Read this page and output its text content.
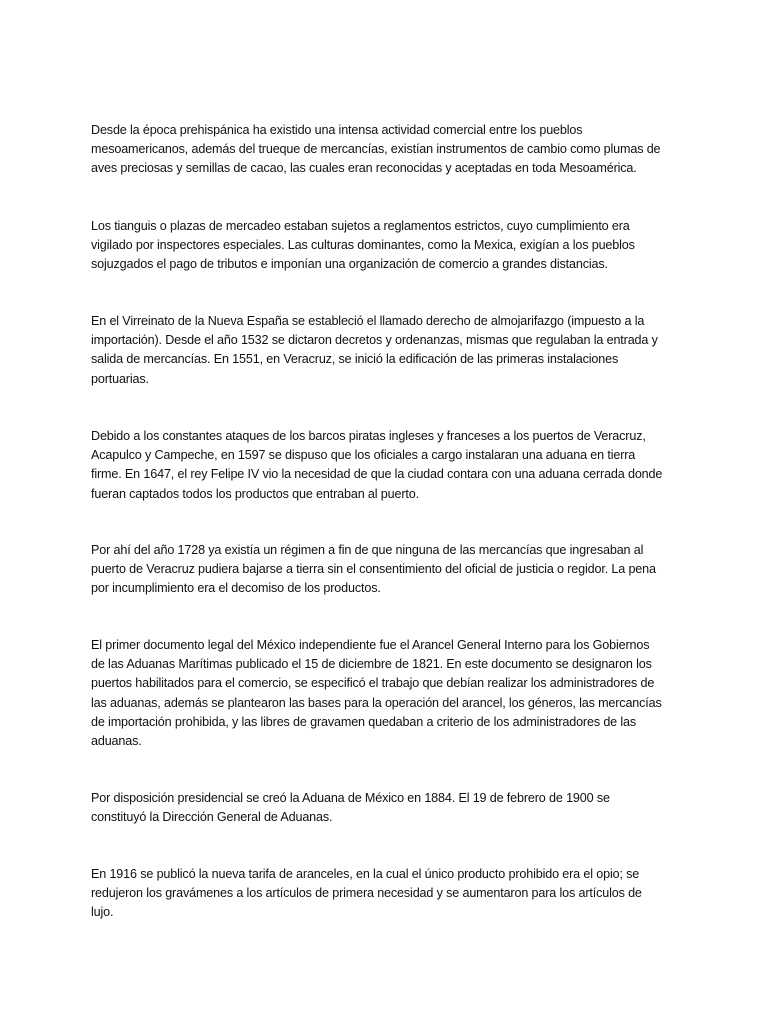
Desde la época prehispánica ha existido una intensa actividad comercial entre los pueblos
mesoamericanos, además del trueque de mercancías, existían instrumentos de cambio como plumas de
aves preciosas y semillas de cacao, las cuales eran reconocidas y aceptadas en toda Mesoamérica.

Los tianguis o plazas de mercadeo estaban sujetos a reglamentos estrictos, cuyo cumplimiento era
vigilado por inspectores especiales. Las culturas dominantes, como la Mexica, exigían a los pueblos
sojuzgados el pago de tributos e imponían una organización de comercio a grandes distancias.

En el Virreinato de la Nueva España se estableció el llamado derecho de almojarifazgo (impuesto a la
importación). Desde el año 1532 se dictaron decretos y ordenanzas, mismas que regulaban la entrada y
salida de mercancías. En 1551, en Veracruz, se inició la edificación de las primeras instalaciones
portuarias.

Debido a los constantes ataques de los barcos piratas ingleses y franceses a los puertos de Veracruz,
Acapulco y Campeche, en 1597 se dispuso que los oficiales a cargo instalaran una aduana en tierra
firme. En 1647, el rey Felipe IV vio la necesidad de que la ciudad contara con una aduana cerrada donde
fueran captados todos los productos que entraban al puerto.

Por ahí del año 1728 ya existía un régimen a fin de que ninguna de las mercancías que ingresaban al
puerto de Veracruz pudiera bajarse a tierra sin el consentimiento del oficial de justicia o regidor. La pena
por incumplimiento era el decomiso de los productos.

El primer documento legal del México independiente fue el Arancel General Interno para los Gobiernos
de las Aduanas Marítimas publicado el 15 de diciembre de 1821. En este documento se designaron los
puertos habilitados para el comercio, se especificó el trabajo que debían realizar los administradores de
las aduanas, además se plantearon las bases para la operación del arancel, los géneros, las mercancías
de importación prohibida, y las libres de gravamen quedaban a criterio de los administradores de las
aduanas.

Por disposición presidencial se creó la Aduana de México en 1884. El 19 de febrero de 1900 se
constituyó la Dirección General de Aduanas.

En 1916 se publicó la nueva tarifa de aranceles, en la cual el único producto prohibido era el opio; se
redujeron los gravámenes a los artículos de primera necesidad y se aumentaron para los artículos de
lujo.
